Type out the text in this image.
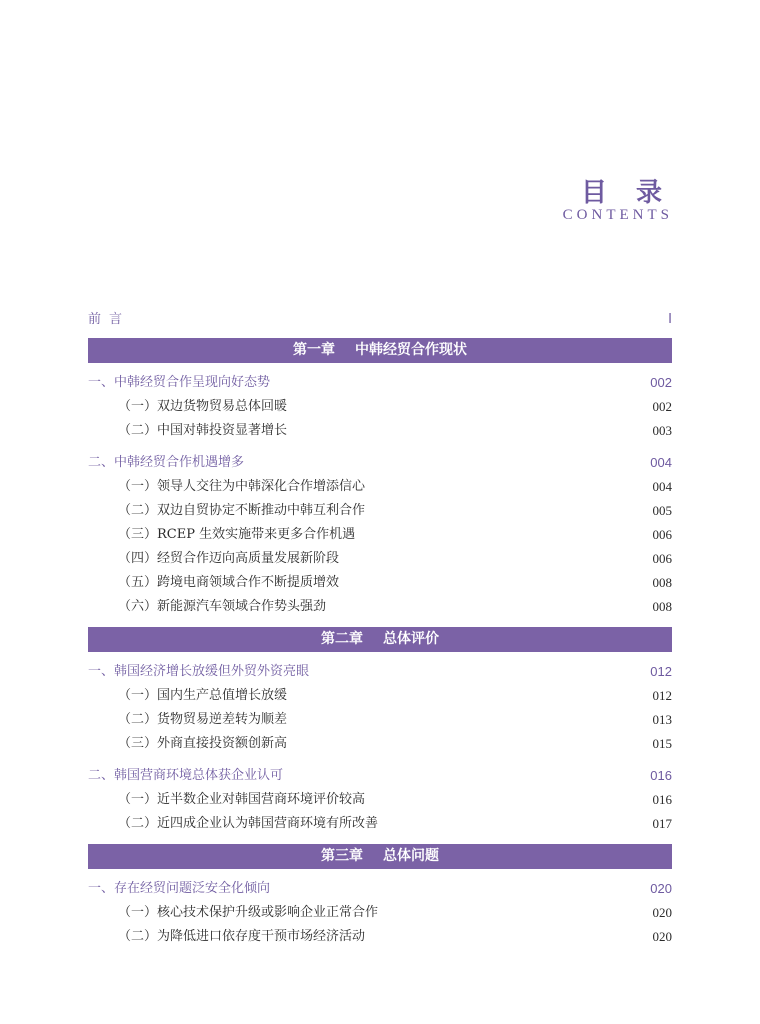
目 录
CONTENTS
前言	I
第一章 中韩经贸合作现状
一、中韩经贸合作呈现向好态势	002
（一）双边货物贸易总体回暖	002
（二）中国对韩投资显著增长	003
二、中韩经贸合作机遇增多	004
（一）领导人交往为中韩深化合作增添信心	004
（二）双边自贸协定不断推动中韩互利合作	005
（三）RCEP 生效实施带来更多合作机遇	006
（四）经贸合作迈向高质量发展新阶段	006
（五）跨境电商领域合作不断提质增效	008
（六）新能源汽车领域合作势头强劲	008
第二章 总体评价
一、韩国经济增长放缓但外贸外资亮眼	012
（一）国内生产总值增长放缓	012
（二）货物贸易逆差转为顺差	013
（三）外商直接投资额创新高	015
二、韩国营商环境总体获企业认可	016
（一）近半数企业对韩国营商环境评价较高	016
（二）近四成企业认为韩国营商环境有所改善	017
第三章 总体问题
一、存在经贸问题泛安全化倾向	020
（一）核心技术保护升级或影响企业正常合作	020
（二）为降低进口依存度干预市场经济活动	020
